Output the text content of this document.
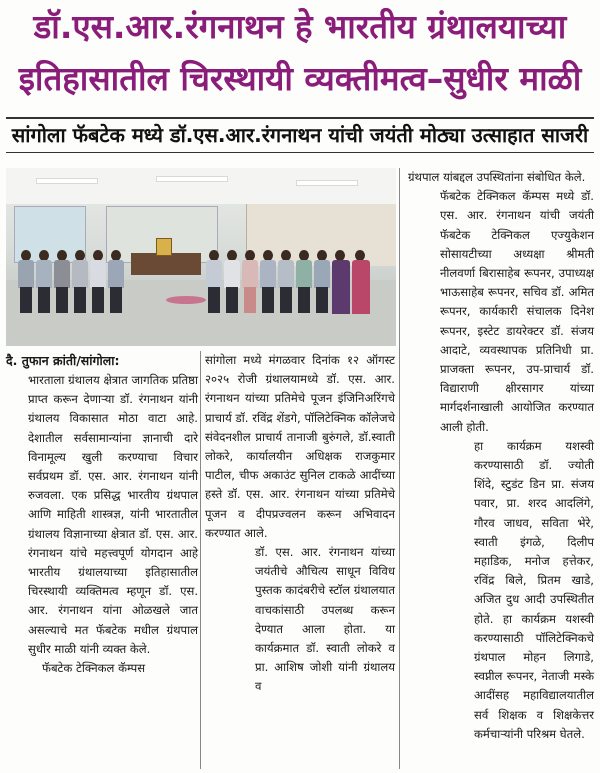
डॉ.एस.आर.रंगनाथन हे भारतीय ग्रंथालयाच्या
इतिहासातील चिरस्थायी व्यक्तीमत्व–सुधीर माळी
सांगोला फॅबटेक मध्ये डॉ.एस.आर.रंगनाथन यांची जयंती मोठ्या उत्साहात साजरी
दै. तुफान क्रांती/सांगोला:

भारताला ग्रंथालय क्षेत्रात जागतिक प्रतिष्ठा प्राप्त करून देणाऱ्या डॉ. रंगनाथन यांनी ग्रंथालय विकासात मोठा वाटा आहे. देशातील सर्वसामान्यांना ज्ञानाची दारे विनामूल्य खुली करण्याचा विचार सर्वप्रथम डॉ. एस. आर. रंगनाथन यांनी रुजवला. एक प्रसिद्ध भारतीय ग्रंथपाल आणि माहिती शास्त्रज्ञ, यांनी भारतातील ग्रंथालय विज्ञानाच्या क्षेत्रात डॉ. एस. आर. रंगनाथन यांचे महत्त्वपूर्ण योगदान आहे भारतीय ग्रंथालयाच्या इतिहासातील चिरस्थायी व्यक्तिमत्व म्हणून डॉ. एस. आर. रंगनाथन यांना ओळखले जात असल्याचे मत फॅबटेक मधील ग्रंथपाल सुधीर माळी यांनी व्यक्त केले.

फॅबटेक टेक्निकल कॅम्पस

सांगोला मध्ये मंगळवार दिनांक १२ ऑगस्ट २०२५ रोजी ग्रंथालयामध्ये डॉ. एस. आर. रंगनाथन यांच्या प्रतिमेचे पूजन इंजिनिअरिंगचे प्राचार्य डॉ. रविंद्र शेंडगे, पॉलिटेक्निक कॉलेजचे संवेदनशील प्राचार्य तानाजी बुरुंगले, डॉ.स्वाती लोकरे, कार्यालयीन अधिक्षक राजकुमार पाटील, चीफ अकाउंट सुनिल टाकळे आदींच्या हस्ते डॉ. एस. आर. रंगनाथन यांच्या प्रतिमेचे पूजन व दीपप्रज्वलन करून अभिवादन करण्यात आले.

डॉ. एस. आर. रंगनाथन यांच्या जयंतीचे औचित्य साधून विविध पुस्तक कादंबरीचे स्टॉल ग्रंथालयात वाचकांसाठी उपलब्ध करून देण्यात आला होता. या कार्यक्रमात डॉ. स्वाती लोकरे व प्रा. आशिष जोशी यांनी ग्रंथालय व

ग्रंथपाल यांबद्दल उपस्थितांना संबोधित केले.

फॅबटेक टेक्निकल कॅम्पस मध्ये डॉ. एस. आर. रंगनाथन यांची जयंती फॅबटेक टेक्निकल एज्युकेशन सोसायटीच्या अध्यक्षा श्रीमती नीलवर्णा बिरासाहेब रूपनर, उपाध्यक्ष भाऊसाहेब रूपनर, सचिव डॉ. अमित रूपनर, कार्यकारी संचालक दिनेश रूपनर, इस्टेट डायरेक्टर डॉ. संजय आदाटे, व्यवस्थापक प्रतिनिधी प्रा. प्राजक्ता रूपनर, उप-प्राचार्य डॉ. विद्याराणी क्षीरसागर यांच्या मार्गदर्शनाखाली आयोजित करण्यात आली होती.

हा कार्यक्रम यशस्वी करण्यासाठी डॉ. ज्योती शिंदे, स्टुडंट डिन प्रा. संजय पवार, प्रा. शरद आदलिंगे, गौरव जाधव, सविता भेरे, स्वाती इंगळे, दिलीप महाडिक, मनोज हत्तेकर, रविंद्र बिले, प्रितम खाडे, अजित दुध आदी उपस्थितीत होते. हा कार्यक्रम यशस्वी करण्यासाठी पॉलिटेक्निकचे ग्रंथपाल मोहन लिगाडे, स्वप्नील रूपनर, नेताजी मस्के आदींसह महाविद्यालयातील सर्व शिक्षक व शिक्षकेत्तर कर्मचाऱ्यांनी परिश्रम घेतले.
